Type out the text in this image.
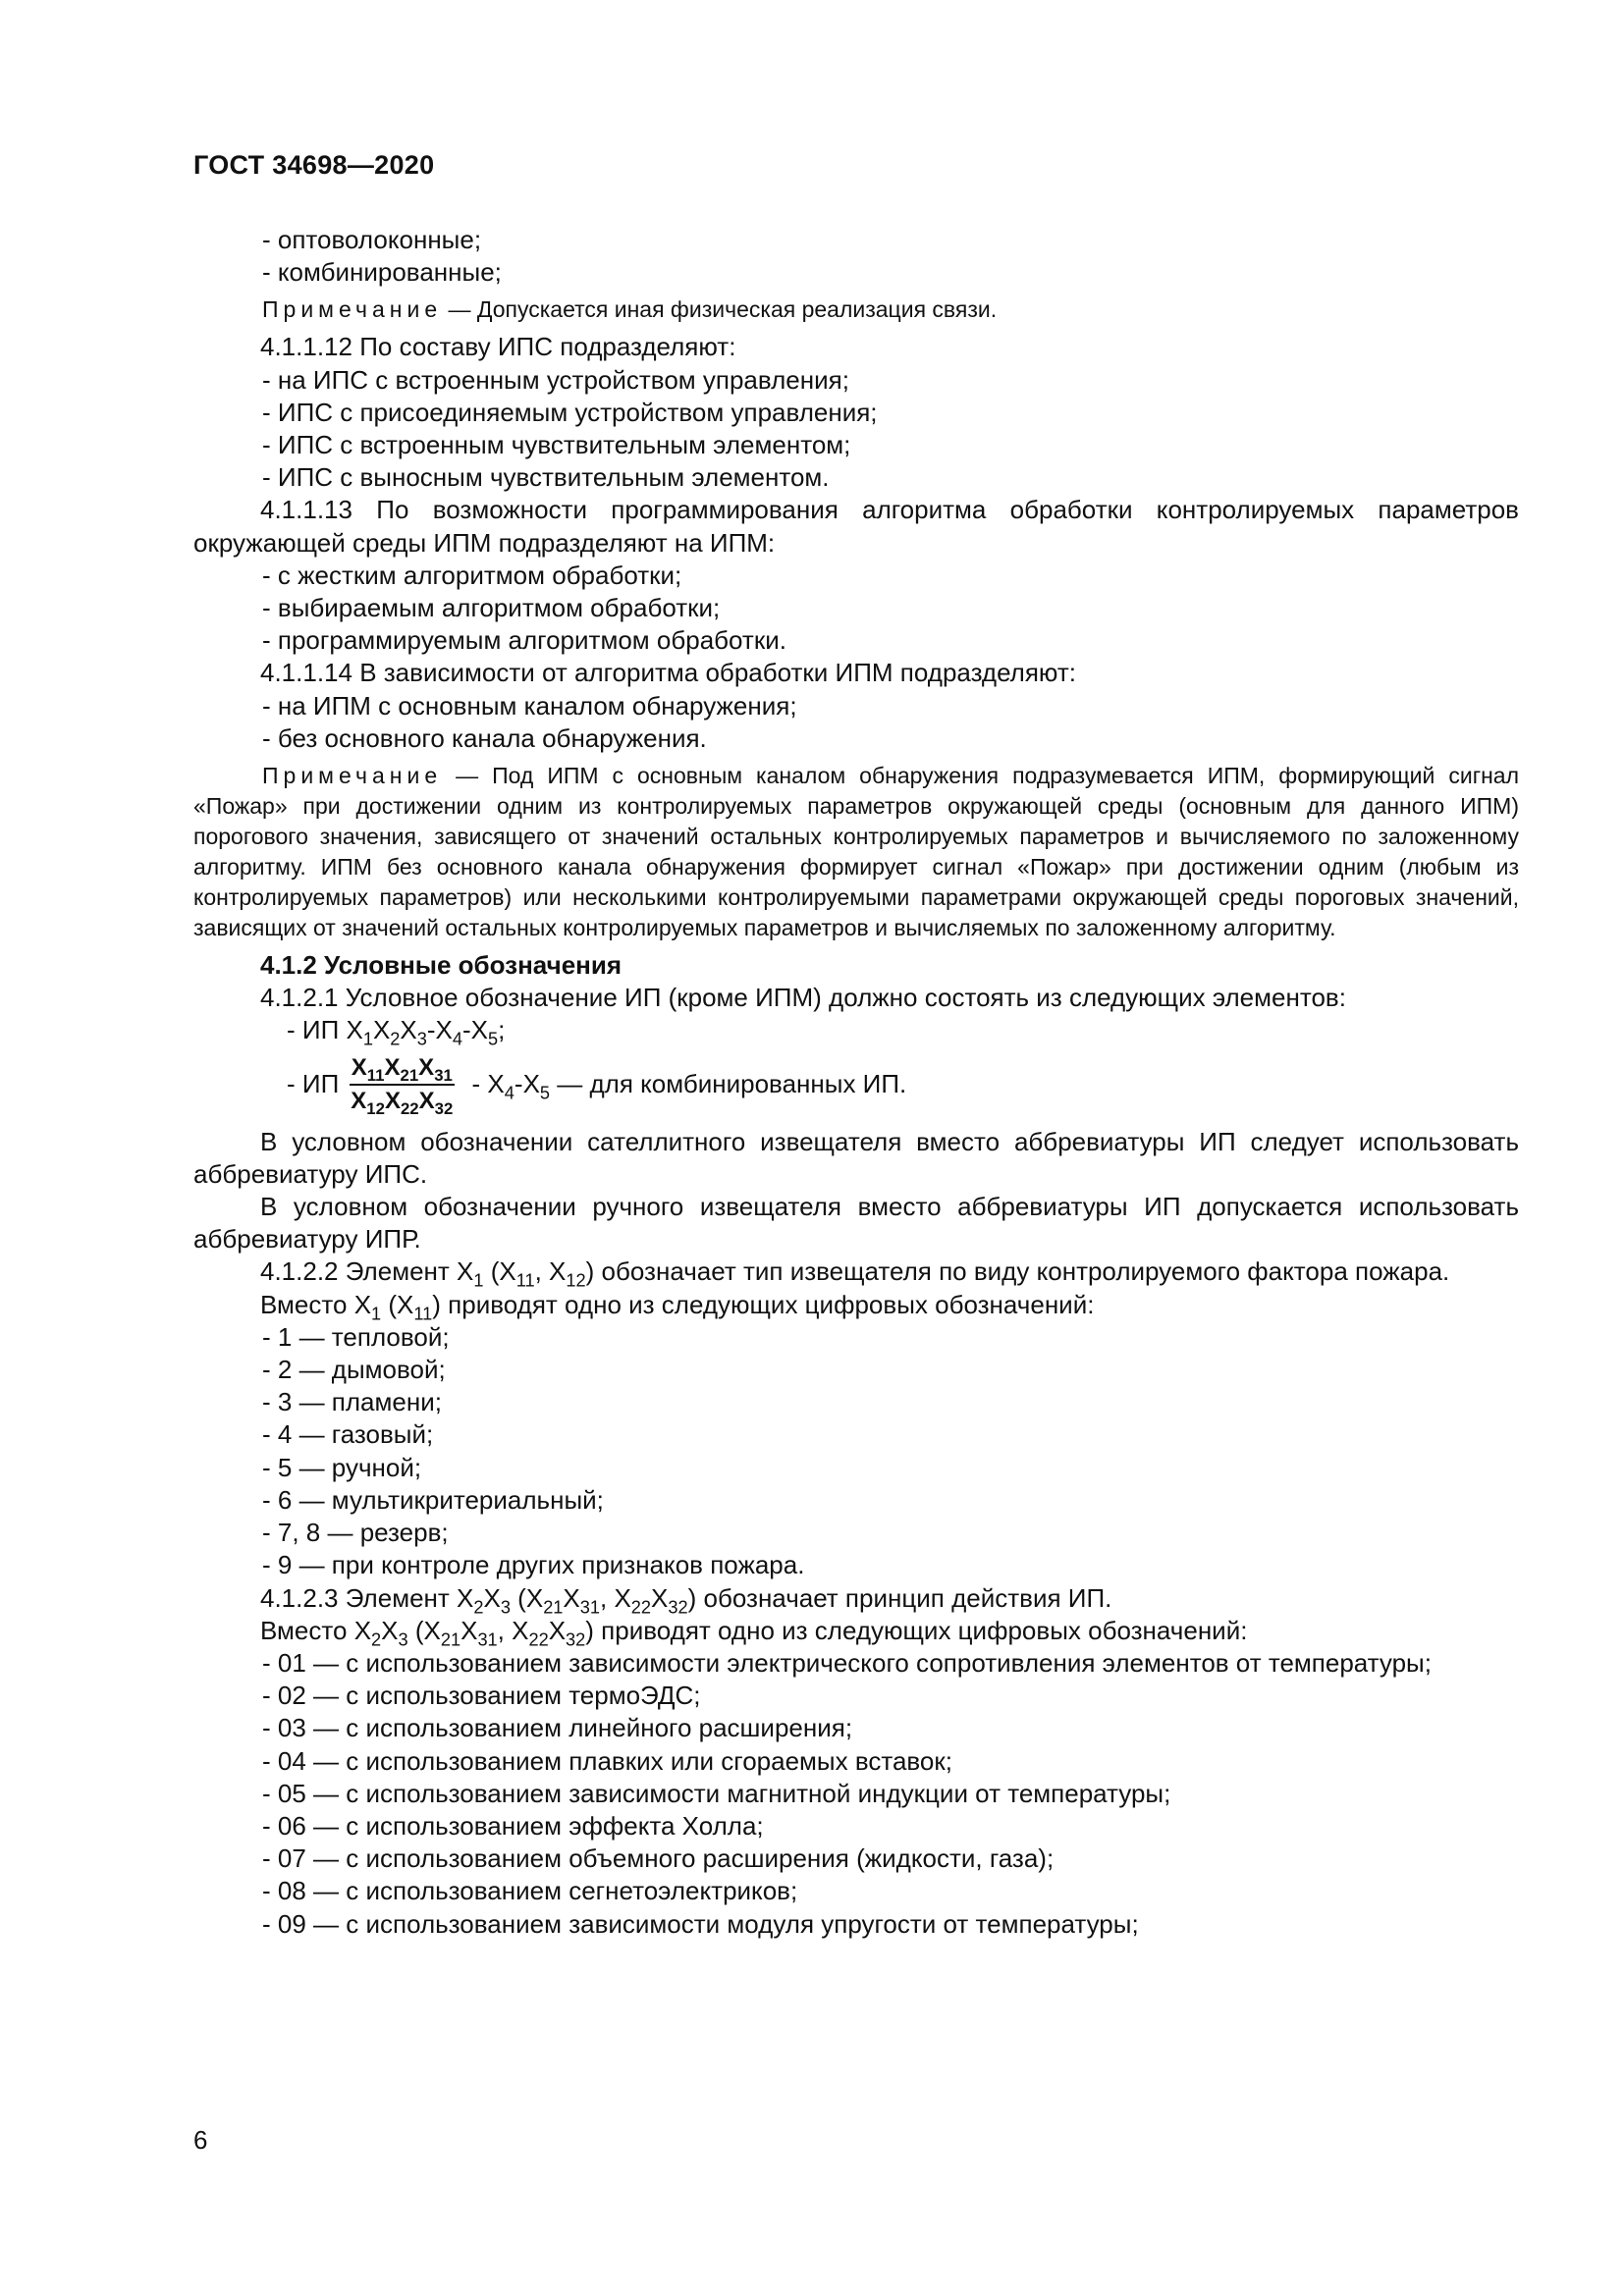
ГОСТ 34698—2020

- оптоволоконные;

- комбинированные;

Примечание — Допускается иная физическая реализация связи.

4.1.1.12 По составу ИПС подразделяют:

- на ИПС с встроенным устройством управления;

- ИПС с присоединяемым устройством управления;

- ИПС с встроенным чувствительным элементом;

- ИПС с выносным чувствительным элементом.

4.1.1.13 По возможности программирования алгоритма обработки контролируемых параметров окружающей среды ИПМ подразделяют на ИПМ:

- с жестким алгоритмом обработки;

- выбираемым алгоритмом обработки;

- программируемым алгоритмом обработки.

4.1.1.14 В зависимости от алгоритма обработки ИПМ подразделяют:

- на ИПМ с основным каналом обнаружения;

- без основного канала обнаружения.

Примечание — Под ИПМ с основным каналом обнаружения подразумевается ИПМ, формирующий сигнал «Пожар» при достижении одним из контролируемых параметров окружающей среды (основным для данного ИПМ) порогового значения, зависящего от значений остальных контролируемых параметров и вычисляемого по заложенному алгоритму. ИПМ без основного канала обнаружения формирует сигнал «Пожар» при достижении одним (любым из контролируемых параметров) или несколькими контролируемыми параметрами окружающей среды пороговых значений, зависящих от значений остальных контролируемых параметров и вычисляемых по заложенному алгоритму.

4.1.2 Условные обозначения

4.1.2.1 Условное обозначение ИП (кроме ИПМ) должно состоять из следующих элементов:

- ИП $X_1X_2X_3-X_4-X_5$;

- ИП $\frac{X_{11}X_{21}X_{31}}{X_{12}X_{22}X_{32}} - X_4-X_5$ — для комбинированных ИП.

В условном обозначении сателлитного извещателя вместо аббревиатуры ИП следует использовать аббревиатуру ИПС.

В условном обозначении ручного извещателя вместо аббревиатуры ИП допускается использовать аббревиатуру ИПР.

4.1.2.2 Элемент $X_1$ ($X_{11}$, $X_{12}$) обозначает тип извещателя по виду контролируемого фактора пожара.

Вместо $X_1$ $(X_{11})$ приводят одно из следующих цифровых обозначений:

- 1 — тепловой;

- 2 — дымовой;

- 3 — пламени;

- 4 — газовый;

- 5 — ручной;

- 6 — мультикритериальный;

- 7, 8 — резерв;

- 9 — при контроле других признаков пожара.

4.1.2.3 Элемент $X_2X_3$ ($X_{21}X_{31}$, $X_{22}X_{32}$) обозначает принцип действия ИП.

Вместо $X_2X_3$ ($X_{21}X_{31}$, $X_{22}X_{32}$) приводят одно из следующих цифровых обозначений:

- 01 — с использованием зависимости электрического сопротивления элементов от температуры;

- 02 — с использованием термоЭДС;

- 03 — с использованием линейного расширения;

- 04 — с использованием плавких или сгораемых вставок;

- 05 — с использованием зависимости магнитной индукции от температуры;

- 06 — с использованием эффекта Холла;

- 07 — с использованием объемного расширения (жидкости, газа);

- 08 — с использованием сегнетоэлектриков;

- 09 — с использованием зависимости модуля упругости от температуры;

6
